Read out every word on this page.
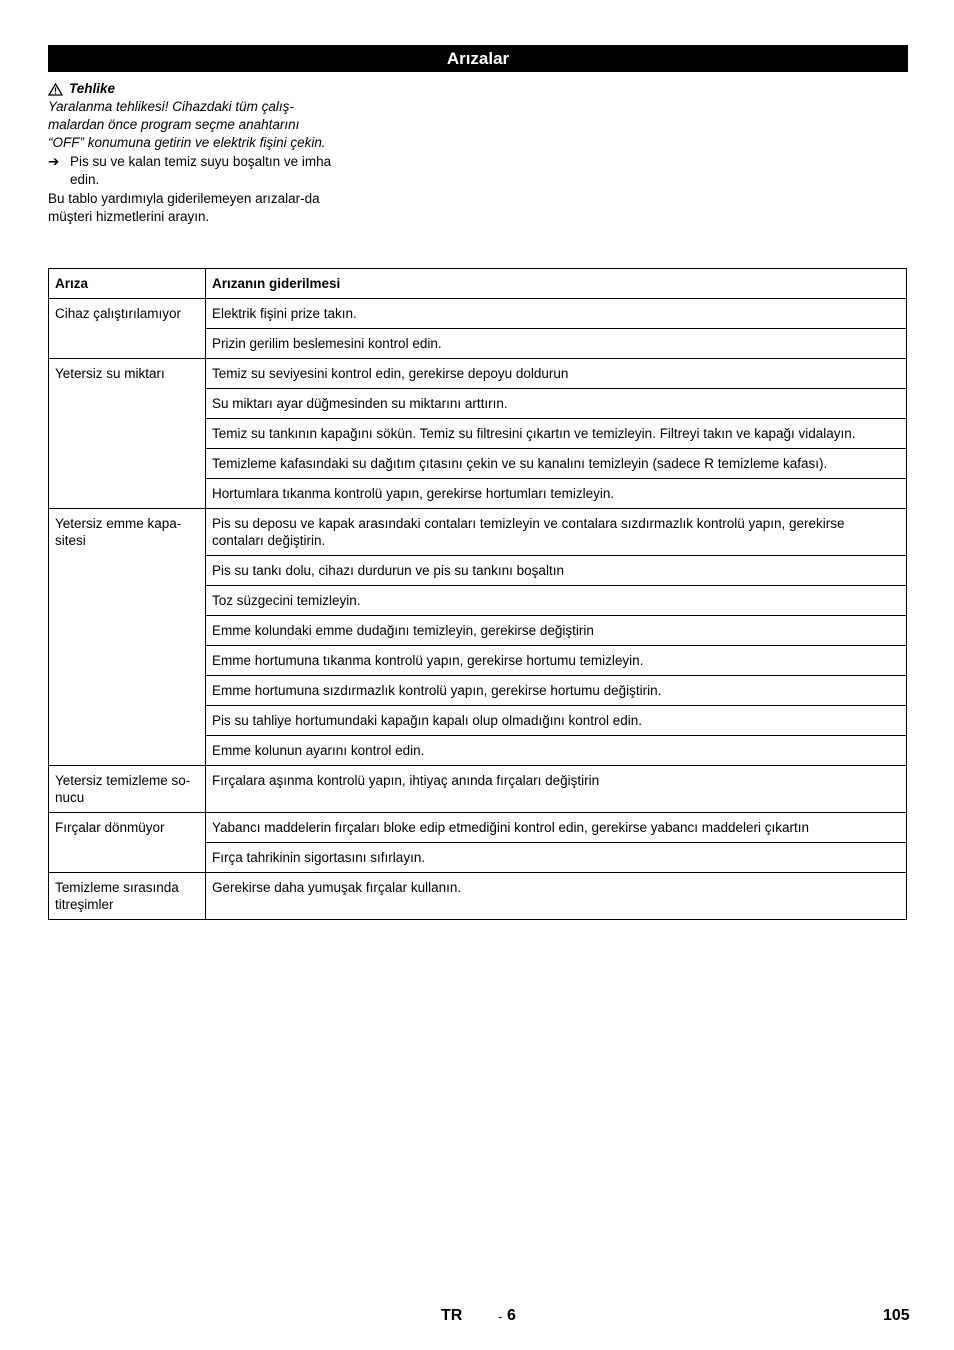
Arızalar
Tehlike
Yaralanma tehlikesi! Cihazdaki tüm çalış-malardan önce program seçme anahtarını “OFF” konumuna getirin ve elektrik fişini çekin.
➔ Pis su ve kalan temiz suyu boşaltın ve imha edin.
Bu tablo yardımıyla giderilemeyen arızalar-da müşteri hizmetlerini arayın.
Arıza	Arızanın giderilmesi
Cihaz çalıştırılamıyor	Elektrik fişini prize takın.
	Prizin gerilim beslemesini kontrol edin.
Yetersiz su miktarı	Temiz su seviyesini kontrol edin, gerekirse depoyu doldurun
	Su miktarı ayar düğmesinden su miktarını arttırın.
	Temiz su tankının kapağını sökün. Temiz su filtresini çıkartın ve temizleyin. Filtreyi takın ve kapağı vidalayın.
	Temizleme kafasındaki su dağıtım çıtasını çekin ve su kanalını temizleyin (sadece R temizleme kafası).
	Hortumlara tıkanma kontrolü yapın, gerekirse hortumları temizleyin.
Yetersiz emme kapa-sitesi	Pis su deposu ve kapak arasındaki contaları temizleyin ve contalara sızdırmazlık kontrolü yapın, gerekirse contaları değiştirin.
	Pis su tankı dolu, cihazı durdurun ve pis su tankını boşaltın
	Toz süzgecini temizleyin.
	Emme kolundaki emme dudağını temizleyin, gerekirse değiştirin
	Emme hortumuna tıkanma kontrolü yapın, gerekirse hortumu temizleyin.
	Emme hortumuna sızdırmazlık kontrolü yapın, gerekirse hortumu değiştirin.
	Pis su tahliye hortumundaki kapağın kapalı olup olmadığını kontrol edin.
	Emme kolunun ayarını kontrol edin.
Yetersiz temizleme so-nucu	Fırçalara aşınma kontrolü yapın, ihtiyaç anında fırçaları değiştirin
Fırçalar dönmüyor	Yabancı maddelerin fırçaları bloke edip etmediğini kontrol edin, gerekirse yabancı maddeleri çıkartın
	Fırça tahrikinin sigortasını sıfırlayın.
Temizleme sırasında titreşimler	Gerekirse daha yumuşak fırçalar kullanın.
TR	- 6	105
